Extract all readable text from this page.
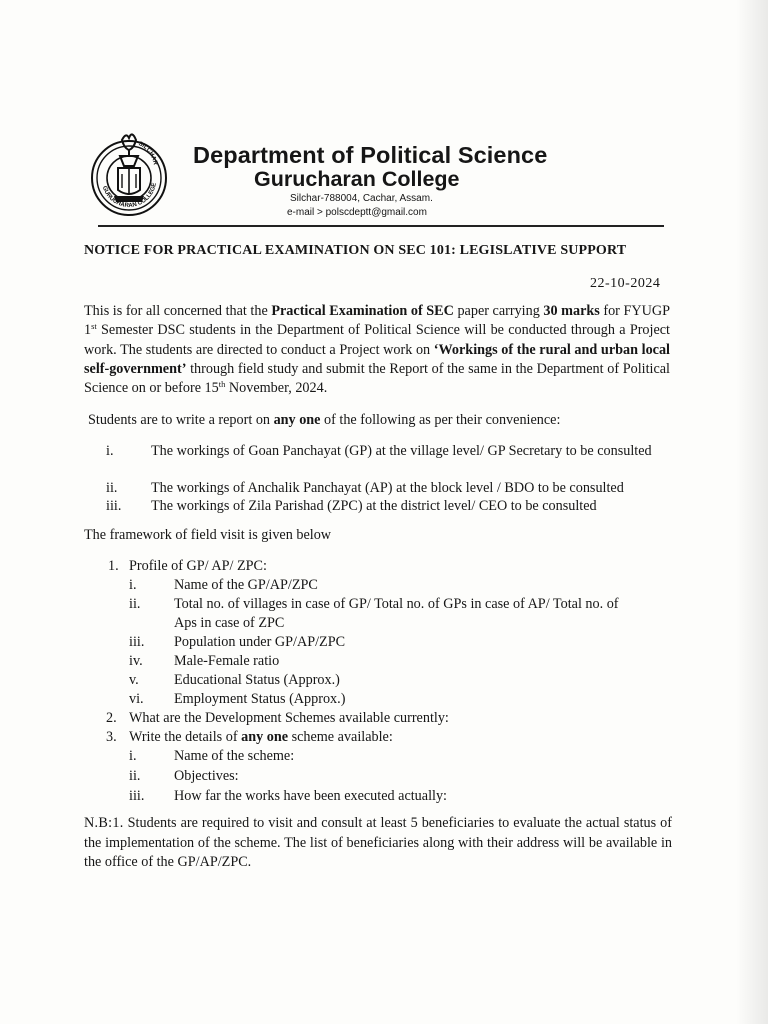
GURUCHARAN COLLEGE
SILCHAR Department of Political Science
Gurucharan College
Silchar-788004, Cachar, Assam.
e-mail > polscdeptt@gmail.com
NOTICE FOR PRACTICAL EXAMINATION ON SEC 101: LEGISLATIVE SUPPORT
22-10-2024
This is for all concerned that the Practical Examination of SEC paper carrying 30 marks for FYUGP 1st Semester DSC students in the Department of Political Science will be conducted through a Project work. The students are directed to conduct a Project work on ‘Workings of the rural and urban local self-government’ through field study and submit the Report of the same in the Department of Political Science on or before 15th November, 2024.
Students are to write a report on any one of the following as per their convenience:
i.	The workings of Goan Panchayat (GP) at the village level/ GP Secretary to be consulted
ii. The workings of Anchalik Panchayat (AP) at the block level / BDO to be consulted
iii. The workings of Zila Parishad (ZPC) at the district level/ CEO to be consulted
The framework of field visit is given below
1. Profile of GP/ AP/ ZPC:
i.	Name of the GP/AP/ZPC
ii. Total no. of villages in case of GP/ Total no. of GPs in case of AP/ Total no. of
Aps in case of ZPC
iii. Population under GP/AP/ZPC
iv. Male-Female ratio
v. Educational Status (Approx.)
vi. Employment Status (Approx.)
2. What are the Development Schemes available currently:
3. Write the details of any one scheme available:
i.	Name of the scheme:
ii. Objectives:
iii. How far the works have been executed actually:
N.B:1. Students are required to visit and consult at least 5 beneficiaries to evaluate the actual status of the implementation of the scheme. The list of beneficiaries along with their address will be available in the office of the GP/AP/ZPC.
